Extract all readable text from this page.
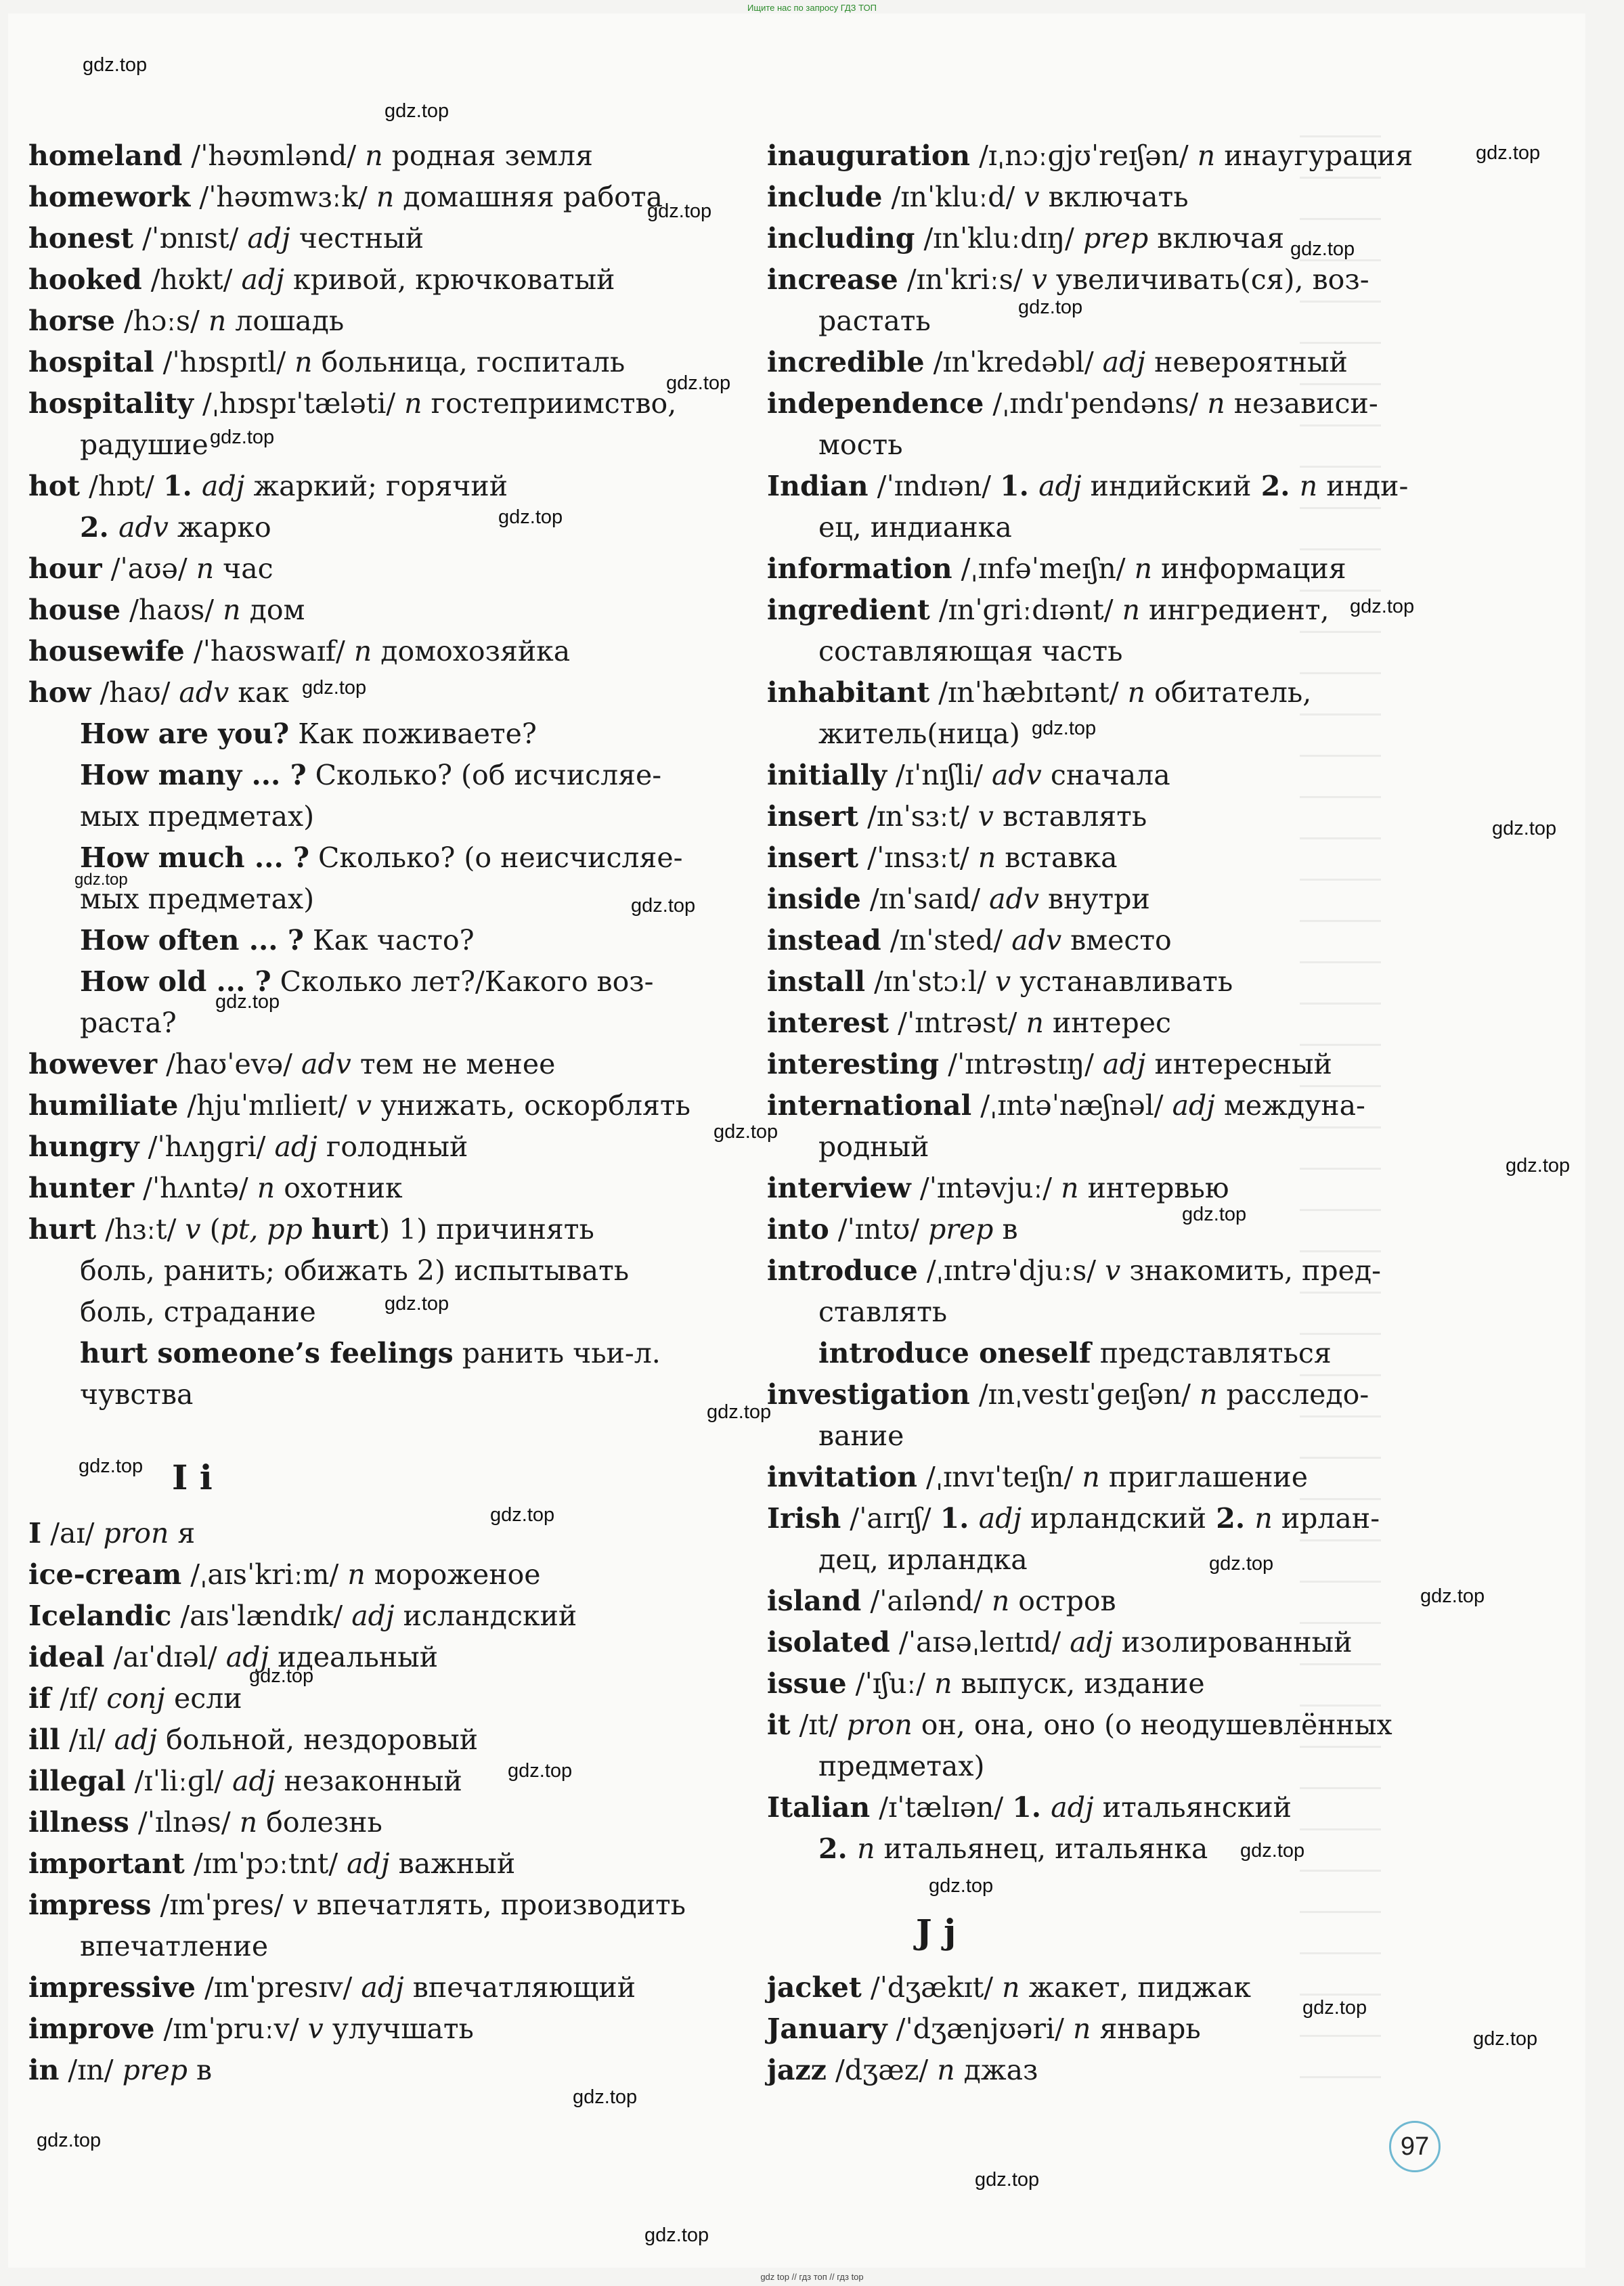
Ищите нас по запросу ГДЗ ТОП
homeland /ˈhəʊmlənd/ n родная земля
homework /ˈhəʊmwɜːk/ n домашняя работа
honest /ˈɒnɪst/ adj честный
hooked /hʊkt/ adj кривой, крючковатый
horse /hɔːs/ n лошадь
hospital /ˈhɒspɪtl/ n больница, госпиталь
hospitality /ˌhɒspɪˈtæləti/ n гостеприимство,
радушие
hot /hɒt/ 1. adj жаркий; горячий
2. adv жарко
hour /ˈaʊə/ n час
house /haʊs/ n дом
housewife /ˈhaʊswaɪf/ n домохозяйка
how /haʊ/ adv как
How are you? Как поживаете?
How many ... ? Сколько? (об исчисляе-
мых предметах)
How much ... ? Сколько? (о неисчисляе-
мых предметах)
How often ... ? Как часто?
How old ... ? Сколько лет?/Какого воз-
раста?
however /haʊˈevə/ adv тем не менее
humiliate /hjuˈmɪlieɪt/ v унижать, оскорблять
hungry /ˈhʌŋɡri/ adj голодный
hunter /ˈhʌntə/ n охотник
hurt /hɜːt/ v (pt, pp hurt) 1) причинять
боль, ранить; обижать 2) испытывать
боль, страдание
hurt someone’s feelings ранить чьи-л.
чувства
I i
I /aɪ/ pron я
ice-cream /ˌaɪsˈkriːm/ n мороженое
Icelandic /aɪsˈlændɪk/ adj исландский
ideal /aɪˈdɪəl/ adj идеальный
if /ɪf/ conj если
ill /ɪl/ adj больной, нездоровый
illegal /ɪˈliːɡl/ adj незаконный
illness /ˈɪlnəs/ n болезнь
important /ɪmˈpɔːtnt/ adj важный
impress /ɪmˈpres/ v впечатлять, производить
впечатление
impressive /ɪmˈpresɪv/ adj впечатляющий
improve /ɪmˈpruːv/ v улучшать
in /ɪn/ prep в
inauguration /ɪˌnɔːɡjʊˈreɪʃən/ n инаугурация
include /ɪnˈkluːd/ v включать
including /ɪnˈkluːdɪŋ/ prep включая
increase /ɪnˈkriːs/ v увеличивать(ся), воз-
растать
incredible /ɪnˈkredəbl/ adj невероятный
independence /ˌɪndɪˈpendəns/ n независи-
мость
Indian /ˈɪndɪən/ 1. adj индийский 2. n инди-
ец, индианка
information /ˌɪnfəˈmeɪʃn/ n информация
ingredient /ɪnˈɡriːdɪənt/ n ингредиент,
составляющая часть
inhabitant /ɪnˈhæbɪtənt/ n обитатель,
житель(ница)
initially /ɪˈnɪʃli/ adv сначала
insert /ɪnˈsɜːt/ v вставлять
insert /ˈɪnsɜːt/ n вставка
inside /ɪnˈsaɪd/ adv внутри
instead /ɪnˈsted/ adv вместо
install /ɪnˈstɔːl/ v устанавливать
interest /ˈɪntrəst/ n интерес
interesting /ˈɪntrəstɪŋ/ adj интересный
international /ˌɪntəˈnæʃnəl/ adj междуна-
родный
interview /ˈɪntəvjuː/ n интервью
into /ˈɪntʊ/ prep в
introduce /ˌɪntrəˈdjuːs/ v знакомить, пред-
ставлять
introduce oneself представляться
investigation /ɪnˌvestɪˈɡeɪʃən/ n расследо-
вание
invitation /ˌɪnvɪˈteɪʃn/ n приглашение
Irish /ˈaɪrɪʃ/ 1. adj ирландский 2. n ирлан-
дец, ирландка
island /ˈaɪlənd/ n остров
isolated /ˈaɪsəˌleɪtɪd/ adj изолированный
issue /ˈɪʃuː/ n выпуск, издание
it /ɪt/ pron он, она, оно (о неодушевлённых
предметах)
Italian /ɪˈtælɪən/ 1. adj итальянский
2. n итальянец, итальянка
J j
jacket /ˈdʒækɪt/ n жакет, пиджак
January /ˈdʒænjʊəri/ n январь
jazz /dʒæz/ n джаз
97
gdz.top
gdz.top
gdz.top
gdz.top
gdz.top
gdz.top
gdz.top
gdz.top
gdz.top
gdz.top
gdz.top
gdz.top
gdz.top
gdz.top
gdz.top
gdz.top
gdz.top
gdz.top
gdz.top
gdz.top
gdz.top
gdz.top
gdz.top
gdz.top
gdz.top
gdz.top
gdz.top
gdz.top
gdz.top
gdz.top
gdz.top
gdz.top
gdz.top
gdz.top
gdz.top
gdz top // гдз топ // гдз top
